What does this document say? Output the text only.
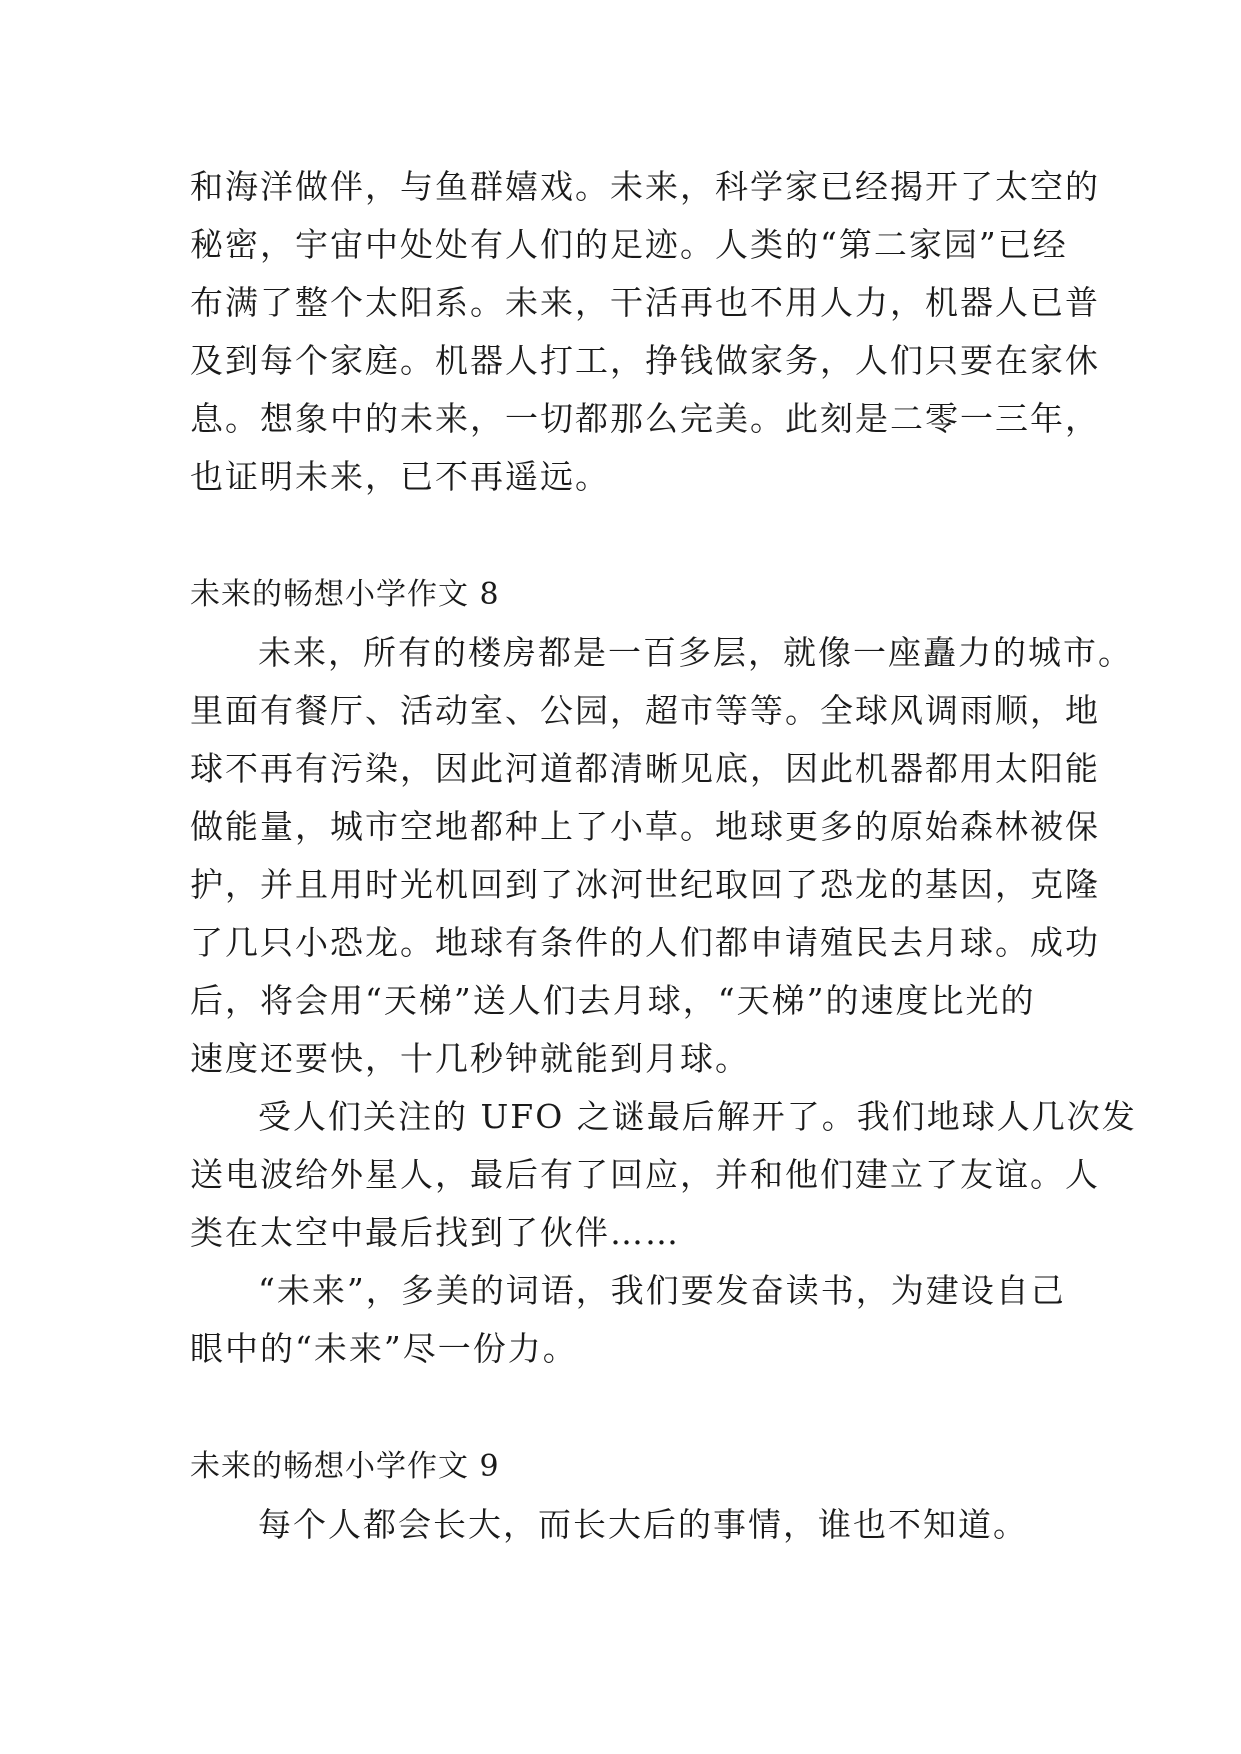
和海洋做伴，与鱼群嬉戏。未来，科学家已经揭开了太空的
秘密，宇宙中处处有人们的足迹。人类的“第二家园”已经
布满了整个太阳系。未来，干活再也不用人力，机器人已普
及到每个家庭。机器人打工，挣钱做家务，人们只要在家休
息。想象中的未来，一切都那么完美。此刻是二零一三年，
也证明未来，已不再遥远。
未来的畅想小学作文 8
未来，所有的楼房都是一百多层，就像一座矗力的城市。
里面有餐厅、活动室、公园，超市等等。全球风调雨顺，地
球不再有污染，因此河道都清晰见底，因此机器都用太阳能
做能量，城市空地都种上了小草。地球更多的原始森林被保
护，并且用时光机回到了冰河世纪取回了恐龙的基因，克隆
了几只小恐龙。地球有条件的人们都申请殖民去月球。成功
后，将会用“天梯”送人们去月球，“天梯”的速度比光的
速度还要快，十几秒钟就能到月球。
受人们关注的 UFO 之谜最后解开了。我们地球人几次发
送电波给外星人，最后有了回应，并和他们建立了友谊。人
类在太空中最后找到了伙伴……
“未来”，多美的词语，我们要发奋读书，为建设自己
眼中的“未来”尽一份力。
未来的畅想小学作文 9
每个人都会长大，而长大后的事情，谁也不知道。
